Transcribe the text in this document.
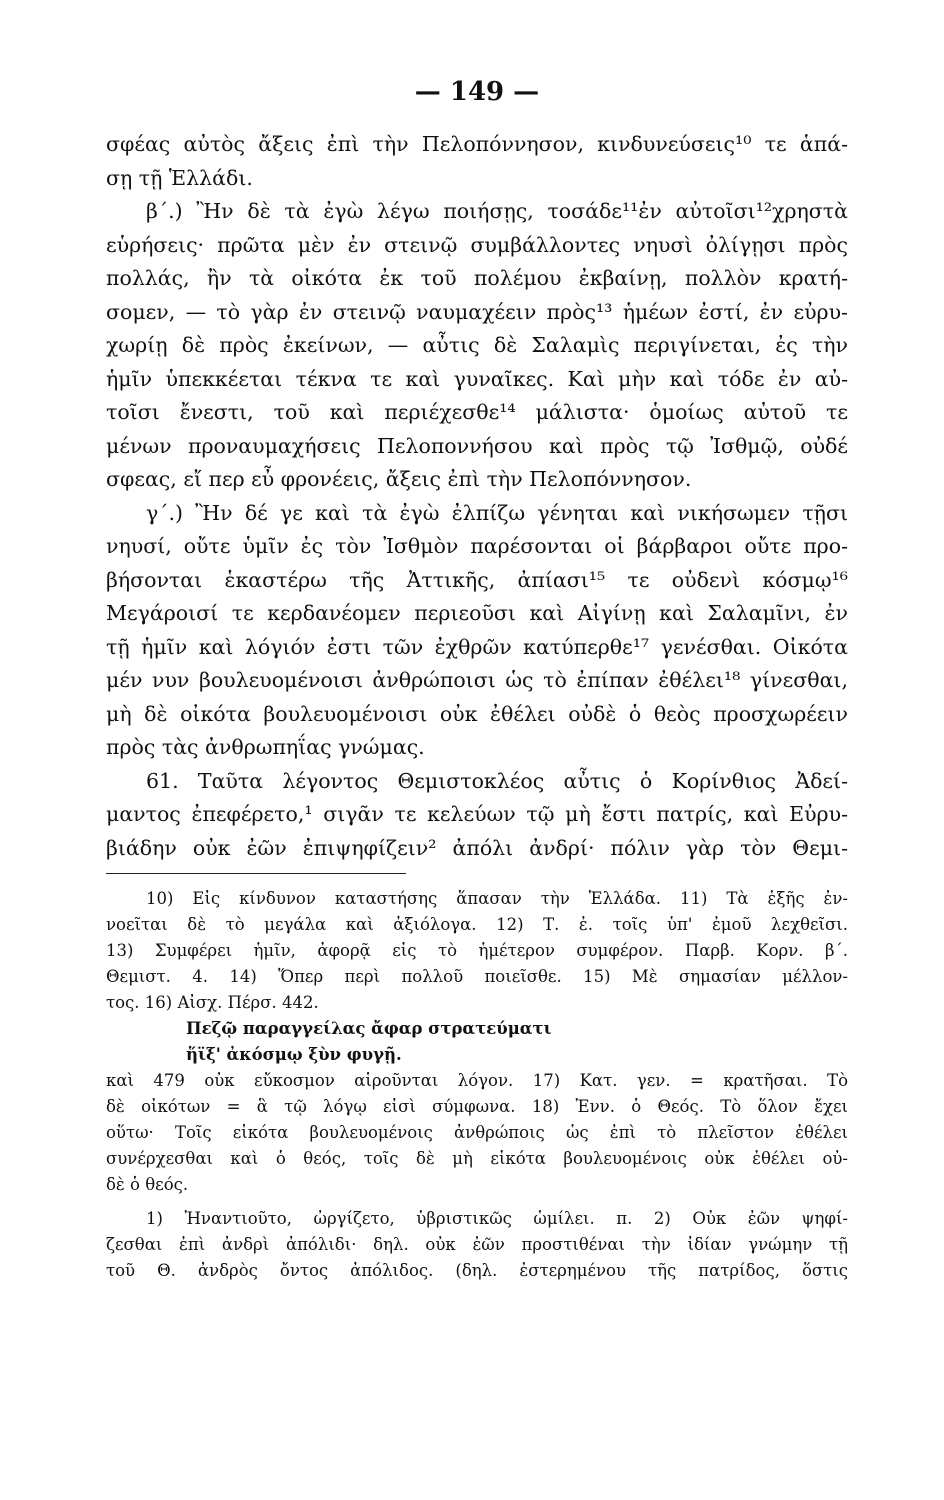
— 149 —

σφέας αὐτὸς ἄξεις ἐπὶ τὴν Πελοπόννησον, κινδυνεύσεις¹⁰ τε ἁπά-

σῃ τῇ Ἑλλάδι.

β΄.) Ἢν δὲ τὰ ἐγὼ λέγω ποιήσῃς, τοσάδε¹¹ἐν αὐτοῖσι¹²χρηστὰ

εὑρήσεις· πρῶτα μὲν ἐν στεινῷ συμβάλλοντες νηυσὶ ὀλίγῃσι πρὸς

πολλάς, ἢν τὰ οἰκότα ἐκ τοῦ πολέμου ἐκβαίνῃ, πολλὸν κρατή-

σομεν, — τὸ γὰρ ἐν στεινῷ ναυμαχέειν πρὸς¹³ ἡμέων ἐστί, ἐν εὐρυ-

χωρίῃ δὲ πρὸς ἐκείνων, — αὖτις δὲ Σαλαμὶς περιγίνεται, ἐς τὴν

ἡμῖν ὑπεκκέεται τέκνα τε καὶ γυναῖκες. Καὶ μὴν καὶ τόδε ἐν αὐ-

τοῖσι ἔνεστι, τοῦ καὶ περιέχεσθε¹⁴ μάλιστα· ὁμοίως αὐτοῦ τε

μένων προναυμαχήσεις Πελοποννήσου καὶ πρὸς τῷ Ἰσθμῷ, οὐδέ

σφεας, εἴ περ εὖ φρονέεις, ἄξεις ἐπὶ τὴν Πελοπόννησον.

γ΄.) Ἢν δέ γε καὶ τὰ ἐγὼ ἐλπίζω γένηται καὶ νικήσωμεν τῇσι

νηυσί, οὔτε ὑμῖν ἐς τὸν Ἰσθμὸν παρέσονται οἱ βάρβαροι οὔτε προ-

βήσονται ἑκαστέρω τῆς Ἀττικῆς, ἀπίασι¹⁵ τε οὐδενὶ κόσμῳ¹⁶

Μεγάροισί τε κερδανέομεν περιεοῦσι καὶ Αἰγίνῃ καὶ Σαλαμῖνι, ἐν

τῇ ἡμῖν καὶ λόγιόν ἐστι τῶν ἐχθρῶν κατύπερθε¹⁷ γενέσθαι. Οἰκότα

μέν νυν βουλευομένοισι ἀνθρώποισι ὡς τὸ ἐπίπαν ἐθέλει¹⁸ γίνεσθαι,

μὴ δὲ οἰκότα βουλευομένοισι οὐκ ἐθέλει οὐδὲ ὁ θεὸς προσχωρέειν

πρὸς τὰς ἀνθρωπηΐας γνώμας.

61. Ταῦτα λέγοντος Θεμιστοκλέος αὖτις ὁ Κορίνθιος Ἀδεί-

μαντος ἐπεφέρετο,¹ σιγᾶν τε κελεύων τῷ μὴ ἔστι πατρίς, καὶ Εὐρυ-

βιάδην οὐκ ἐῶν ἐπιψηφίζειν² ἀπόλι ἀνδρί· πόλιν γὰρ τὸν Θεμι-

10) Εἰς κίνδυνον καταστήσης ἅπασαν τὴν Ἑλλάδα. 11) Τὰ ἑξῆς ἐν-

νοεῖται δὲ τὸ μεγάλα καὶ ἀξιόλογα. 12) Τ. ἐ. τοῖς ὑπ' ἐμοῦ λεχθεῖσι.

13) Συμφέρει ἡμῖν, ἀφορᾷ εἰς τὸ ἡμέτερον συμφέρον. Παρβ. Κορν. β΄.

Θεμιστ. 4. 14) Ὅπερ περὶ πολλοῦ ποιεῖσθε. 15) Μὲ σημασίαν μέλλον-

τος. 16) Αἰσχ. Πέρσ. 442.

Πεζῷ παραγγείλας ἄφαρ στρατεύματι

ἥϊξ' ἀκόσμῳ ξὺν φυγῇ.

καὶ 479 οὐκ εὔκοσμον αἱροῦνται λόγον. 17) Κατ. γεν. = κρατῆσαι. Τὸ

δὲ οἰκότων = ἃ τῷ λόγῳ εἰσὶ σύμφωνα. 18) Ἐνν. ὁ Θεός. Τὸ ὅλον ἔχει

οὕτω· Τοῖς εἰκότα βουλευομένοις ἀνθρώποις ὡς ἐπὶ τὸ πλεῖστον ἐθέλει

συνέρχεσθαι καὶ ὁ θεός, τοῖς δὲ μὴ εἰκότα βουλευομένοις οὐκ ἐθέλει οὐ-

δὲ ὁ θεός.

1) Ἠναντιοῦτο, ὠργίζετο, ὑβριστικῶς ὡμίλει. π. 2) Οὐκ ἐῶν ψηφί-

ζεσθαι ἐπὶ ἀνδρὶ ἀπόλιδι· δηλ. οὐκ ἐῶν προστιθέναι τὴν ἰδίαν γνώμην τῇ

τοῦ Θ. ἀνδρὸς ὄντος ἀπόλιδος. (δηλ. ἐστερημένου τῆς πατρίδος, ὅστις
